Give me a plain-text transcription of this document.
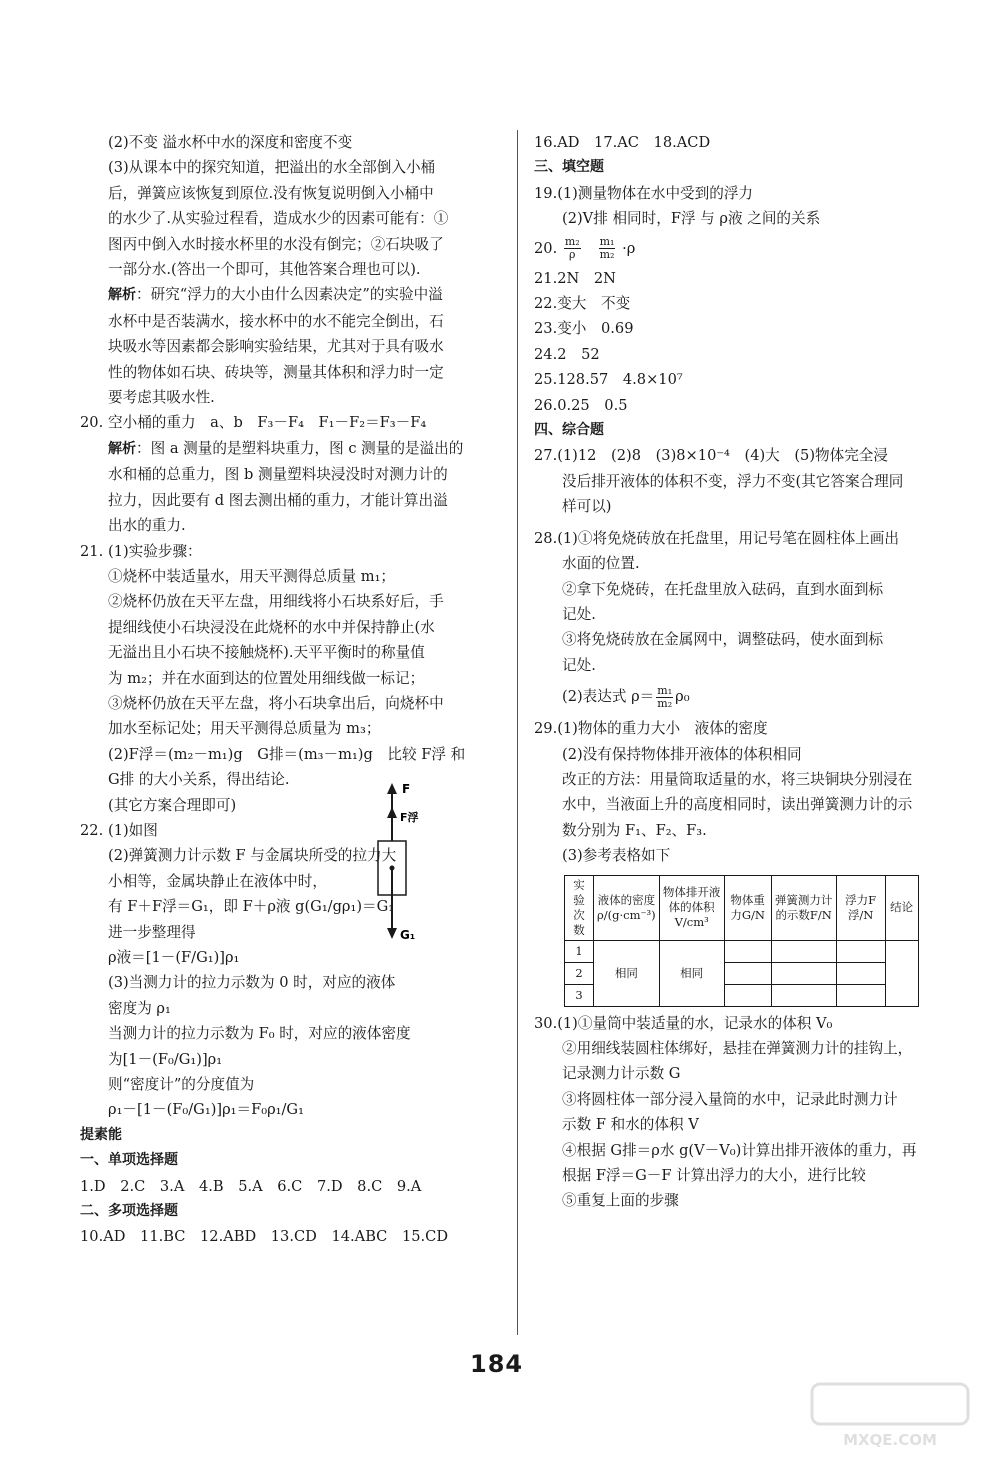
(2)不变 溢水杯中水的深度和密度不变
(3)从课本中的探究知道，把溢出的水全部倒入小桶
后，弹簧应该恢复到原位.没有恢复说明倒入小桶中
的水少了.从实验过程看，造成水少的因素可能有：①
图丙中倒入水时接水杯里的水没有倒完；②石块吸了
一部分水.(答出一个即可，其他答案合理也可以).
解析：研究“浮力的大小由什么因素决定”的实验中溢
水杯中是否装满水，接水杯中的水不能完全倒出，石
块吸水等因素都会影响实验结果，尤其对于具有吸水
性的物体如石块、砖块等，测量其体积和浮力时一定
要考虑其吸水性.
20. 空小桶的重力　a、b　F₃－F₄　F₁－F₂＝F₃－F₄
解析：图 a 测量的是塑料块重力，图 c 测量的是溢出的
水和桶的总重力，图 b 测量塑料块浸没时对测力计的
拉力，因此要有 d 图去测出桶的重力，才能计算出溢
出水的重力.
21. (1)实验步骤：
①烧杯中装适量水，用天平测得总质量 m₁；
②烧杯仍放在天平左盘，用细线将小石块系好后，手
提细线使小石块浸没在此烧杯的水中并保持静止(水
无溢出且小石块不接触烧杯).天平平衡时的称量值
为 m₂；并在水面到达的位置处用细线做一标记；
③烧杯仍放在天平左盘，将小石块拿出后，向烧杯中
加水至标记处；用天平测得总质量为 m₃；
(2)F浮＝(m₂－m₁)g　G排＝(m₃－m₁)g　比较 F浮 和
G排 的大小关系，得出结论.
(其它方案合理即可)
22. (1)如图
(2)弹簧测力计示数 F 与金属块所受的拉力大
小相等，金属块静止在液体中时，
有 F＋F浮＝G₁，即 F＋ρ液 g(G₁/gρ₁)＝G₁
进一步整理得
ρ液＝[1－(F/G₁)]ρ₁
(3)当测力计的拉力示数为 0 时，对应的液体
密度为 ρ₁
当测力计的拉力示数为 F₀ 时，对应的液体密度
为[1－(F₀/G₁)]ρ₁
则“密度计”的分度值为
ρ₁－[1－(F₀/G₁)]ρ₁＝F₀ρ₁/G₁
提素能
一、单项选择题
1.D　2.C　3.A　4.B　5.A　6.C　7.D　8.C　9.A
二、多项选择题
10.AD　11.BC　12.ABD　13.CD　14.ABC　15.CD
F
F浮
G₁
16.AD　17.AC　18.ACD
三、填空题
19.(1)测量物体在水中受到的浮力
(2)V排 相同时，F浮 与 ρ液 之间的关系
20. $\frac{\text{m₂}}{\rho}$
$\frac{\text{m₁}}{\text{m₂}} \cdot\rho$
21.2N　2N
22.变大　不变
23.变小　0.69
24.2　52
25.128.57　4.8×10⁷
26.0.25　0.5
四、综合题
27.(1)12　(2)8　(3)8×10⁻⁴　(4)大　(5)物体完全浸
没后排开液体的体积不变，浮力不变(其它答案合理同
样可以)
28.(1)①将免烧砖放在托盘里，用记号笔在圆柱体上画出
水面的位置.
②拿下免烧砖，在托盘里放入砝码，直到水面到标
记处.
③将免烧砖放在金属网中，调整砝码，使水面到标
记处.
(2)表达式 $\rho= \frac{\text{m₁}}{\text{m₂}} \rho_0$
29.(1)物体的重力大小　液体的密度
(2)没有保持物体排开液体的体积相同
改正的方法：用量筒取适量的水，将三块铜块分别浸在
水中，当液面上升的高度相同时，读出弹簧测力计的示
数分别为 F₁、F₂、F₃.
(3)参考表格如下
实验次数	液体的密度ρ/(g·cm⁻³)	物体排开液体的体积V/cm³	物体重力G/N	弹簧测力计的示数F/N	浮力F浮/N	结论
1	相同	相同				
2						
3						
30.(1)①量筒中装适量的水，记录水的体积 V₀
②用细线装圆柱体绑好，悬挂在弹簧测力计的挂钩上，
记录测力计示数 G
③将圆柱体一部分浸入量筒的水中，记录此时测力计
示数 F 和水的体积 V
④根据 G排＝ρ水 g(V－V₀)计算出排开液体的重力，再
根据 F浮＝G－F 计算出浮力的大小，进行比较
⑤重复上面的步骤
184
MXQE.COM
